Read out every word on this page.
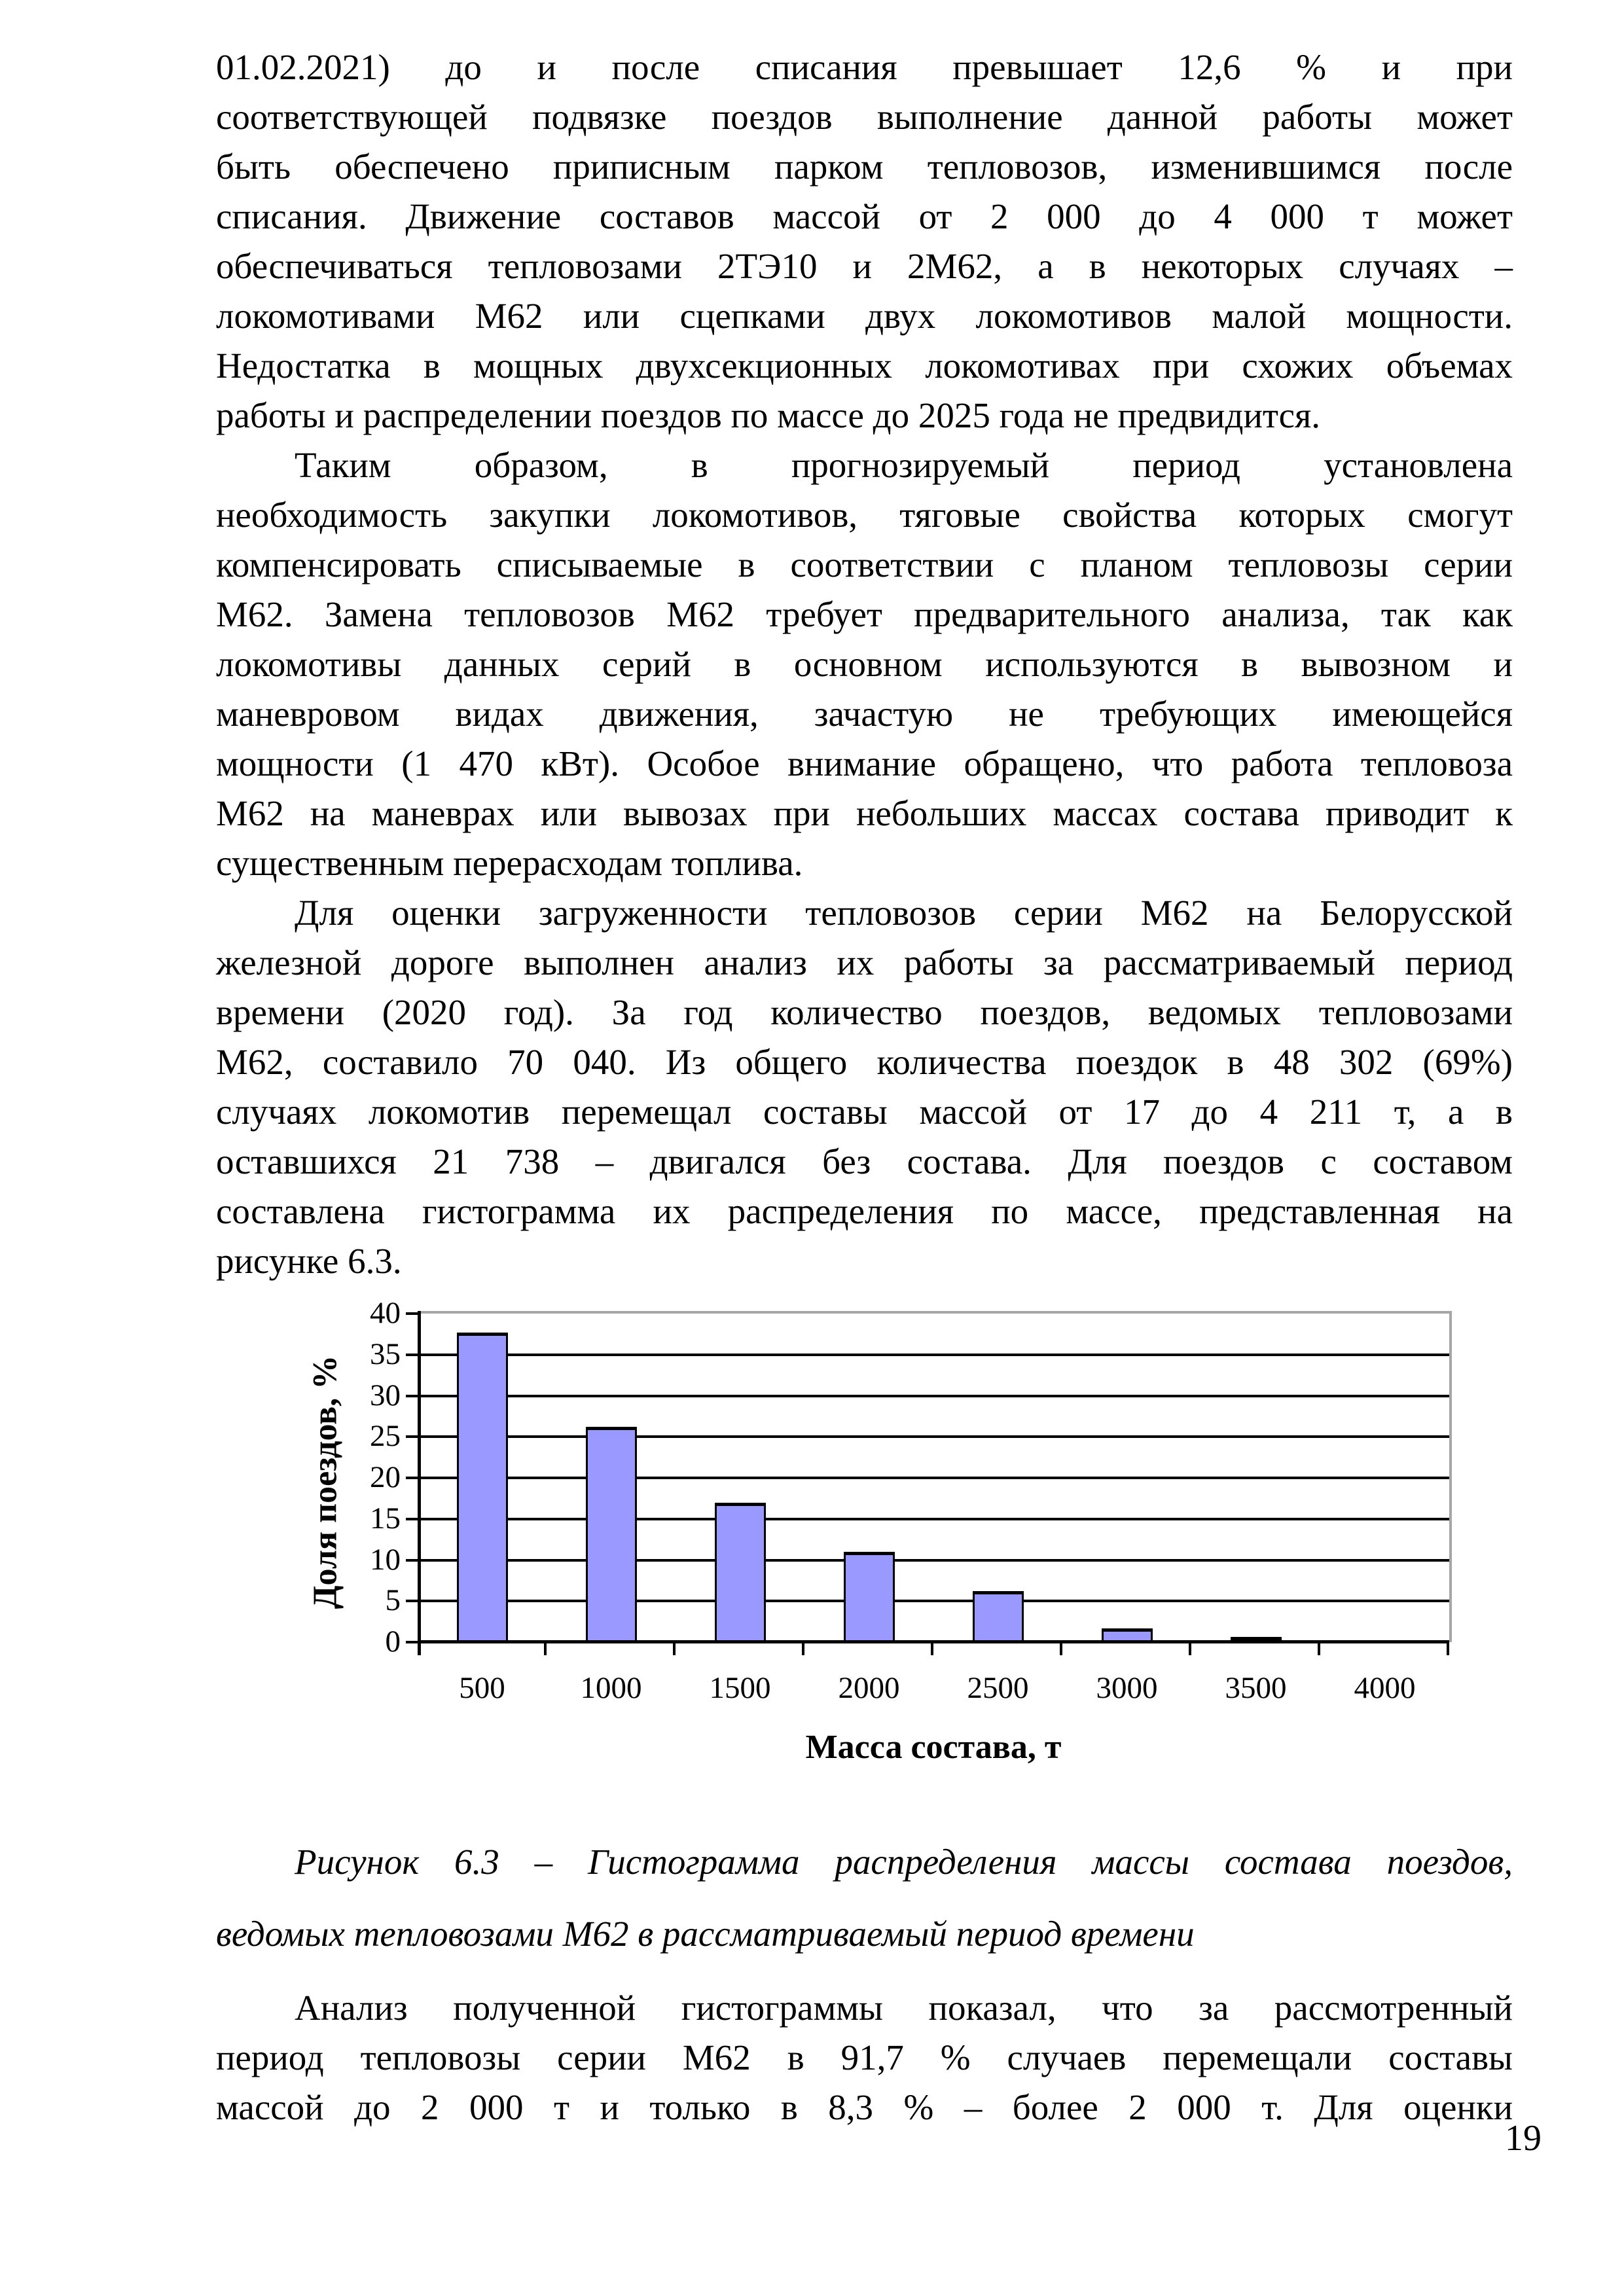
01.02.2021) до и после списания превышает 12,6 % и при
соответствующей подвязке поездов выполнение данной работы может
быть обеспечено приписным парком тепловозов, изменившимся после
списания. Движение составов массой от 2 000 до 4 000 т может
обеспечиваться тепловозами 2ТЭ10 и 2М62, а в некоторых случаях –
локомотивами М62 или сцепками двух локомотивов малой мощности.
Недостатка в мощных двухсекционных локомотивах при схожих объемах
работы и распределении поездов по массе до 2025 года не предвидится.
Таким образом, в прогнозируемый период установлена
необходимость закупки локомотивов, тяговые свойства которых смогут
компенсировать списываемые в соответствии с планом тепловозы серии
М62. Замена тепловозов М62 требует предварительного анализа, так как
локомотивы данных серий в основном используются в вывозном и
маневровом видах движения, зачастую не требующих имеющейся
мощности (1 470 кВт). Особое внимание обращено, что работа тепловоза
М62 на маневрах или вывозах при небольших массах состава приводит к
существенным перерасходам топлива.
Для оценки загруженности тепловозов серии М62 на Белорусской
железной дороге выполнен анализ их работы за рассматриваемый период
времени (2020 год). За год количество поездов, ведомых тепловозами
М62, составило 70 040. Из общего количества поездок в 48 302 (69%)
случаях локомотив перемещал составы массой от 17 до 4 211 т, а в
оставшихся 21 738 – двигался без состава. Для поездов с составом
составлена гистограмма их распределения по массе, представленная на
рисунке 6.3.
Доля поездов, %
0
5
10
15
20
25
30
35
40
500	1000	1500	2000	2500	3000	3500	4000
Масса состава, т
Рисунок 6.3 – Гистограмма распределения массы состава поездов,
ведомых тепловозами М62 в рассматриваемый период времени
Анализ полученной гистограммы показал, что за рассмотренный
период тепловозы серии М62 в 91,7 % случаев перемещали составы
массой до 2 000 т и только в 8,3 % – более 2 000 т. Для оценки
19
